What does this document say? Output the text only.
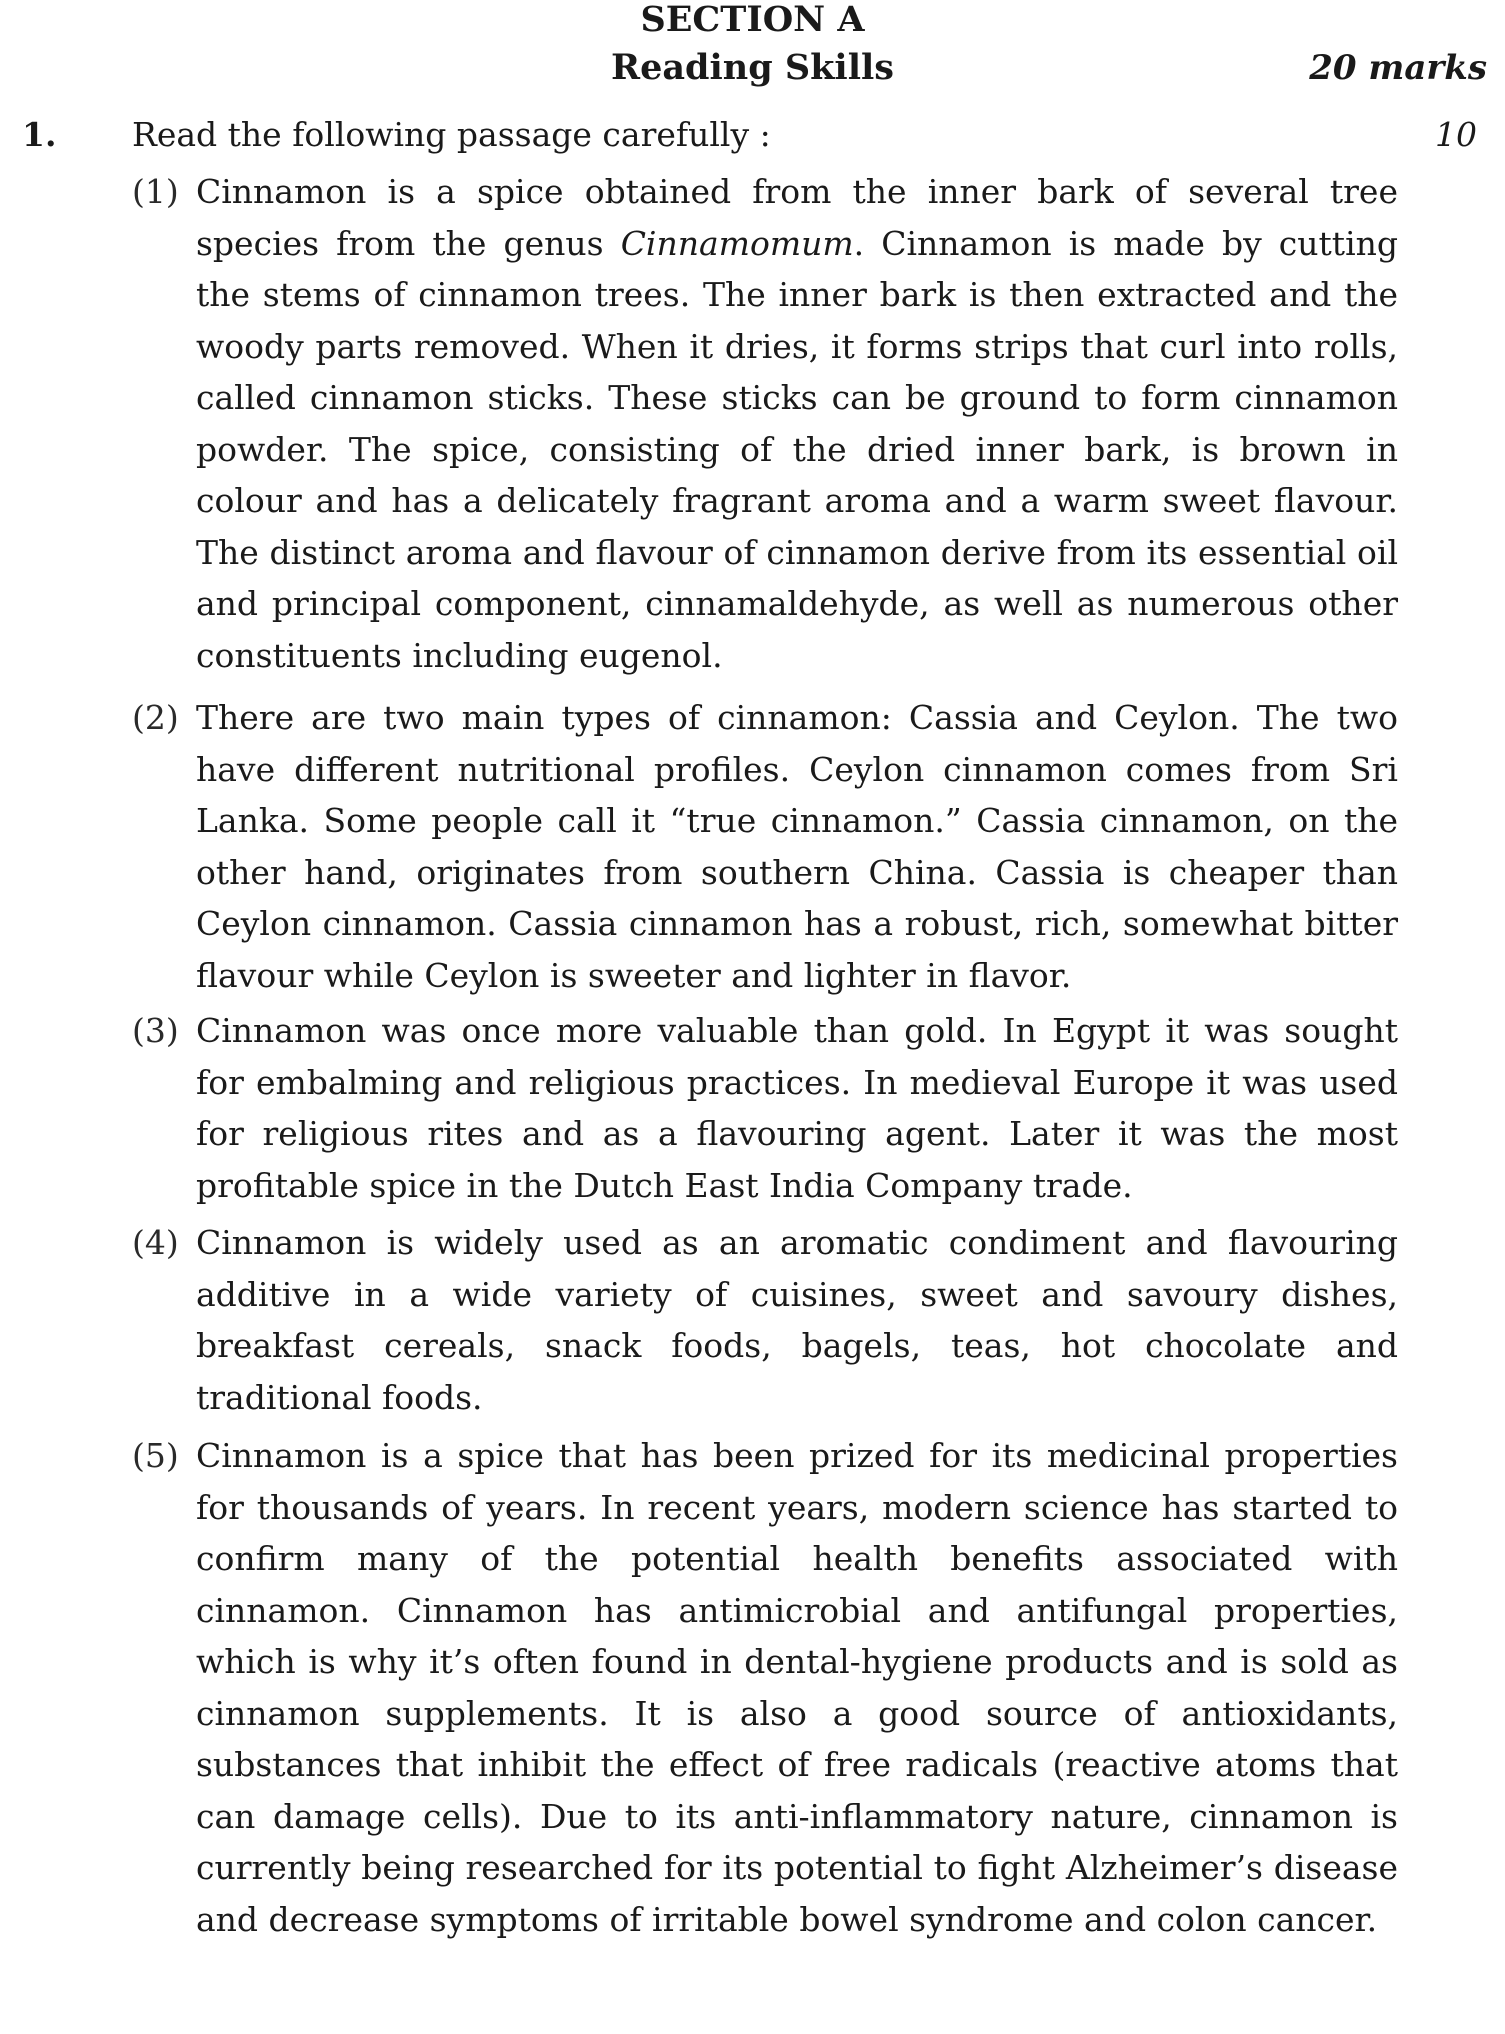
SECTION A
Reading Skills	20 marks
1. Read the following passage carefully :	10
(1) Cinnamon is a spice obtained from the inner bark of several tree species from the genus Cinnamomum. Cinnamon is made by cutting the stems of cinnamon trees. The inner bark is then extracted and the woody parts removed. When it dries, it forms strips that curl into rolls, called cinnamon sticks. These sticks can be ground to form cinnamon powder. The spice, consisting of the dried inner bark, is brown in colour and has a delicately fragrant aroma and a warm sweet flavour. The distinct aroma and flavour of cinnamon derive from its essential oil and principal component, cinnamaldehyde, as well as numerous other constituents including eugenol.
(2) There are two main types of cinnamon: Cassia and Ceylon. The two have different nutritional profiles. Ceylon cinnamon comes from Sri Lanka. Some people call it “true cinnamon.” Cassia cinnamon, on the other hand, originates from southern China. Cassia is cheaper than Ceylon cinnamon. Cassia cinnamon has a robust, rich, somewhat bitter flavour while Ceylon is sweeter and lighter in flavor.
(3) Cinnamon was once more valuable than gold. In Egypt it was sought for embalming and religious practices. In medieval Europe it was used for religious rites and as a flavouring agent. Later it was the most profitable spice in the Dutch East India Company trade.
(4) Cinnamon is widely used as an aromatic condiment and flavouring additive in a wide variety of cuisines, sweet and savoury dishes, breakfast cereals, snack foods, bagels, teas, hot chocolate and traditional foods.
(5) Cinnamon is a spice that has been prized for its medicinal properties for thousands of years. In recent years, modern science has started to confirm many of the potential health benefits associated with cinnamon. Cinnamon has antimicrobial and antifungal properties, which is why it’s often found in dental-hygiene products and is sold as cinnamon supplements. It is also a good source of antioxidants, substances that inhibit the effect of free radicals (reactive atoms that can damage cells). Due to its anti-inflammatory nature, cinnamon is currently being researched for its potential to fight Alzheimer’s disease and decrease symptoms of irritable bowel syndrome and colon cancer.
